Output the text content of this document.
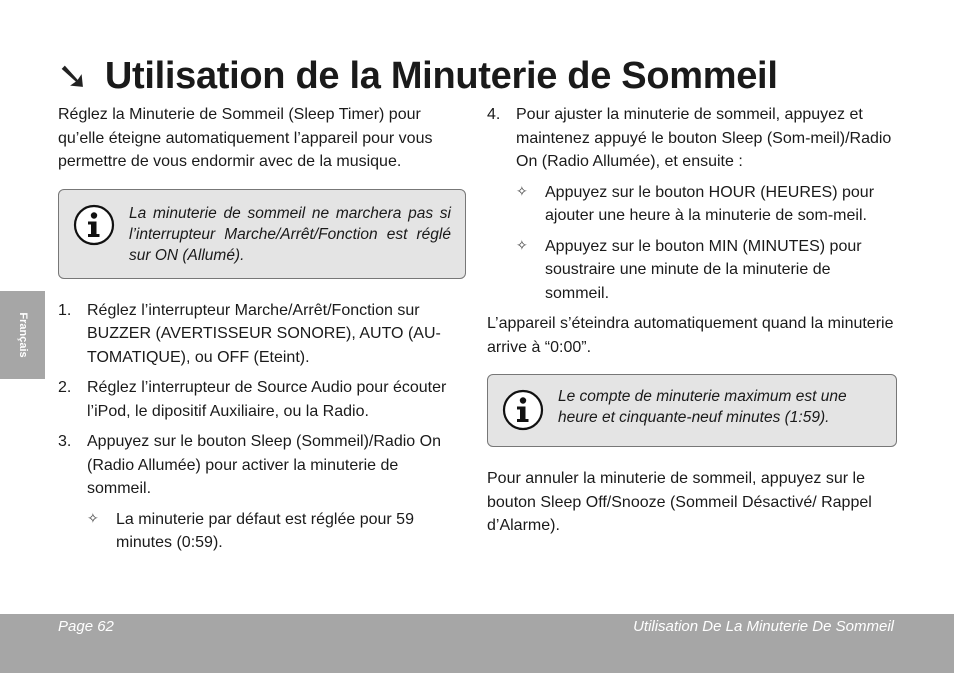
➘ Utilisation de la Minuterie de Sommeil

Réglez la Minuterie de Sommeil (Sleep Timer) pour qu’elle éteigne automatiquement l’appareil pour vous permettre de vous endormir avec de la musique.

La minuterie de sommeil ne marchera pas si l’interrupteur Marche/Arrêt/Fonction est réglé sur ON (Allumé).
1. Réglez l’interrupteur Marche/Arrêt/Fonction sur BUZZER (AVERTISSEUR SONORE), AUTO (AU-TOMATIQUE), ou OFF (Eteint).
2. Réglez l’interrupteur de Source Audio pour écouter l’iPod, le dipositif Auxiliaire, ou la Radio.
3. Appuyez sur le bouton Sleep (Sommeil)/Radio On (Radio Allumée) pour activer la minuterie de sommeil.
✧	La minuterie par défaut est réglée pour 59 minutes (0:59).
4. Pour ajuster la minuterie de sommeil, appuyez et maintenez appuyé le bouton Sleep (Som-meil)/Radio On (Radio Allumée), et ensuite :
✧	Appuyez sur le bouton HOUR (HEURES) pour ajouter une heure à la minuterie de som-meil.
✧	Appuyez sur le bouton MIN (MINUTES) pour soustraire une minute de la minuterie de sommeil.

L’appareil s’éteindra automatiquement quand la minuterie arrive à “0:00”.

Le compte de minuterie maximum est une heure et cinquante-neuf minutes (1:59).

Pour annuler la minuterie de sommeil, appuyez sur le bouton Sleep Off/Snooze (Sommeil Désactivé/ Rappel d’Alarme).

Français
Page 62	Utilisation De La Minuterie De Sommeil
